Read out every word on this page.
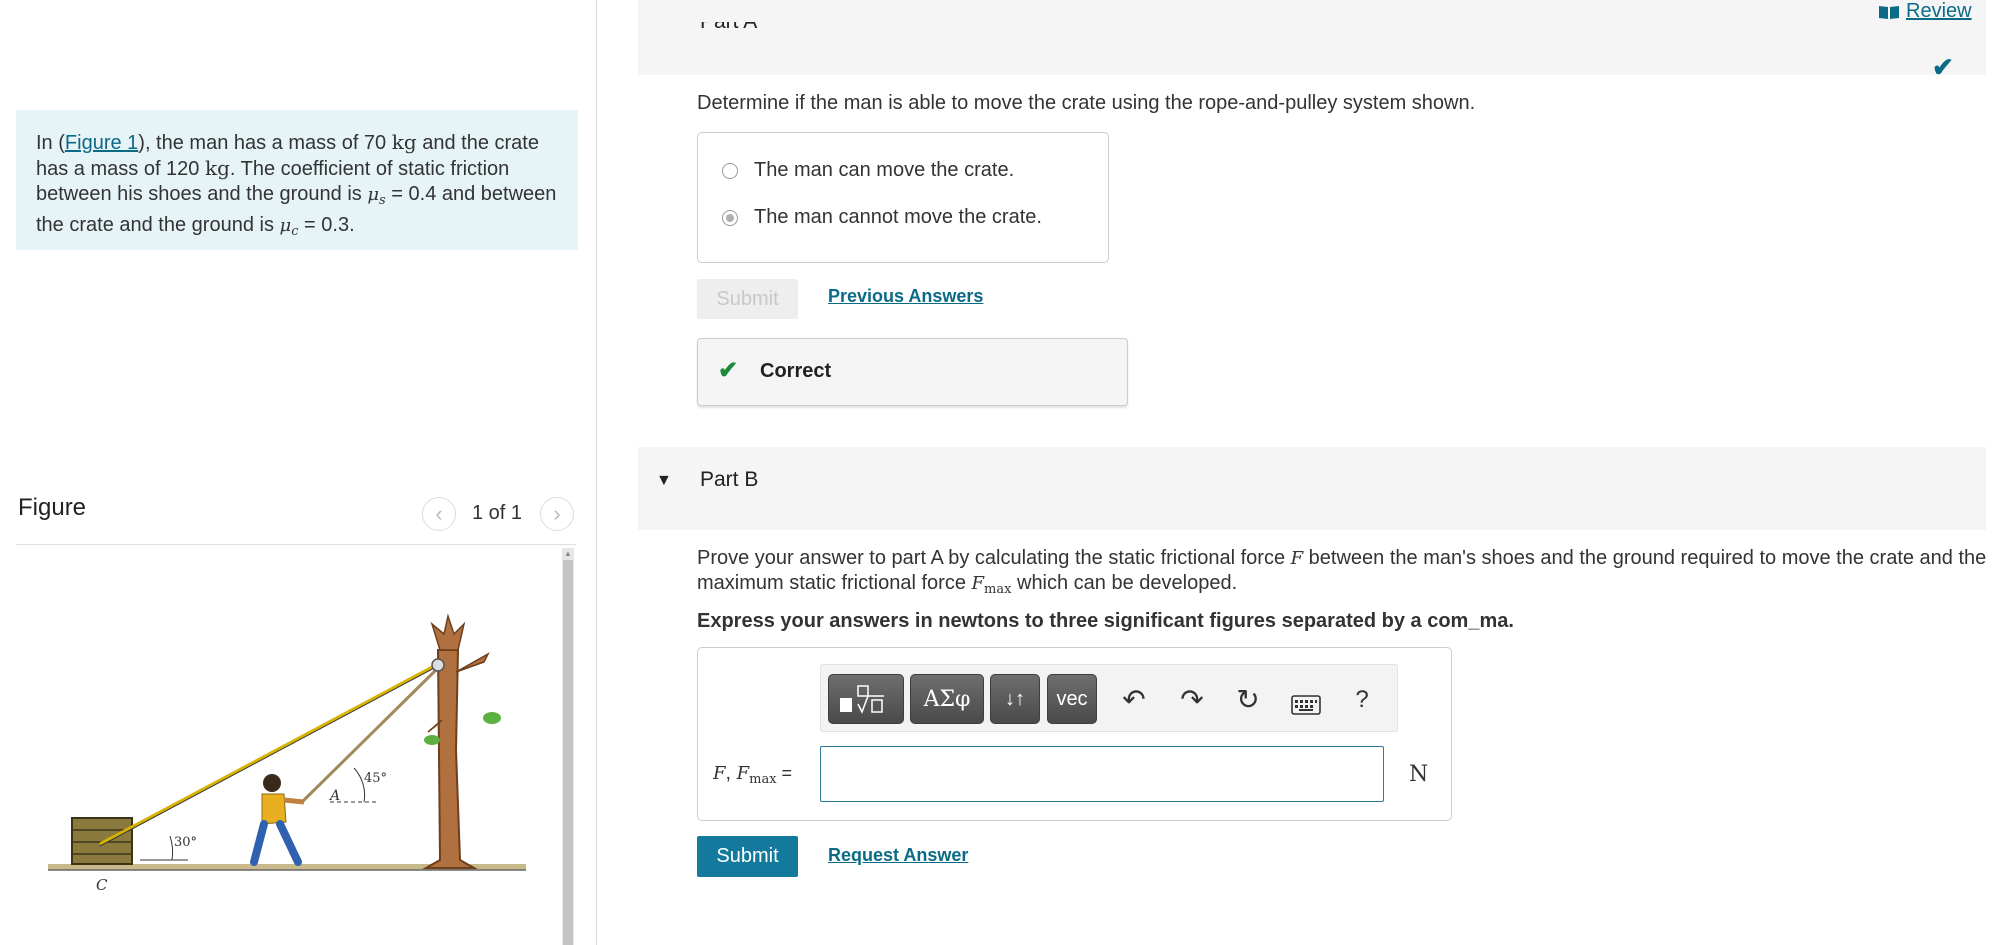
In (Figure 1), the man has a mass of 70 kg and the crate has a mass of 120 kg. The coefficient of static friction between his shoes and the ground is $\mu_s = 0.4$ and between the crate and the ground is $\mu_c = 0.3$.
Figure	‹ 1 of 1 ›
▲
30°
45°
A
C
Review
✔
Determine if the man is able to move the crate using the rope-and-pulley system shown.
The man can move the crate.
The man cannot move the crate.
Submit	Previous Answers
✔ Correct
▼ Part B
Prove your answer to part A by calculating the static frictional force F between the man's shoes and the ground required to move the crate and the maximum static frictional force $F_{max}$ which can be developed.
Express your answers in newtons to three significant figures separated by a com_ma.
ΑΣφ	↓↑	vec	↶ ↷ ↻	?
F, $F_{max}$ =	N
Submit	Request Answer
